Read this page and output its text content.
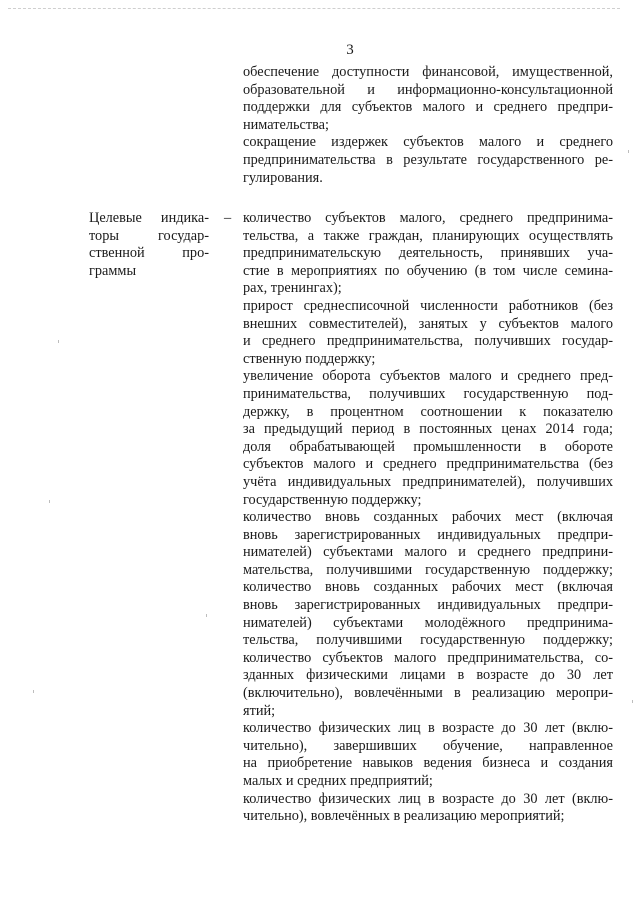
3
обеспечение доступности финансовой, имущественной,
образовательной и информационно-консультационной
поддержки для субъектов малого и среднего предпри-
нимательства;
сокращение издержек субъектов малого и среднего
предпринимательства в результате государственного ре-
гулирования.
Целевые индика-
торы государ-
ственной про-
граммы
– количество субъектов малого, среднего предпринима-
тельства, а также граждан, планирующих осуществлять
предпринимательскую деятельность, принявших уча-
стие в мероприятиях по обучению (в том числе семина-
рах, тренингах);
прирост среднесписочной численности работников (без
внешних совместителей), занятых у субъектов малого
и среднего предпринимательства, получивших государ-
ственную поддержку;
увеличение оборота субъектов малого и среднего пред-
принимательства, получивших государственную под-
держку, в процентном соотношении к показателю
за предыдущий период в постоянных ценах 2014 года;
доля обрабатывающей промышленности в обороте
субъектов малого и среднего предпринимательства (без
учёта индивидуальных предпринимателей), получивших
государственную поддержку;
количество вновь созданных рабочих мест (включая
вновь зарегистрированных индивидуальных предпри-
нимателей) субъектами малого и среднего предприни-
мательства, получившими государственную поддержку;
количество вновь созданных рабочих мест (включая
вновь зарегистрированных индивидуальных предпри-
нимателей) субъектами молодёжного предпринима-
тельства, получившими государственную поддержку;
количество субъектов малого предпринимательства, со-
зданных физическими лицами в возрасте до 30 лет
(включительно), вовлечёнными в реализацию меропри-
ятий;
количество физических лиц в возрасте до 30 лет (вклю-
чительно), завершивших обучение, направленное
на приобретение навыков ведения бизнеса и создания
малых и средних предприятий;
количество физических лиц в возрасте до 30 лет (вклю-
чительно), вовлечённых в реализацию мероприятий;
